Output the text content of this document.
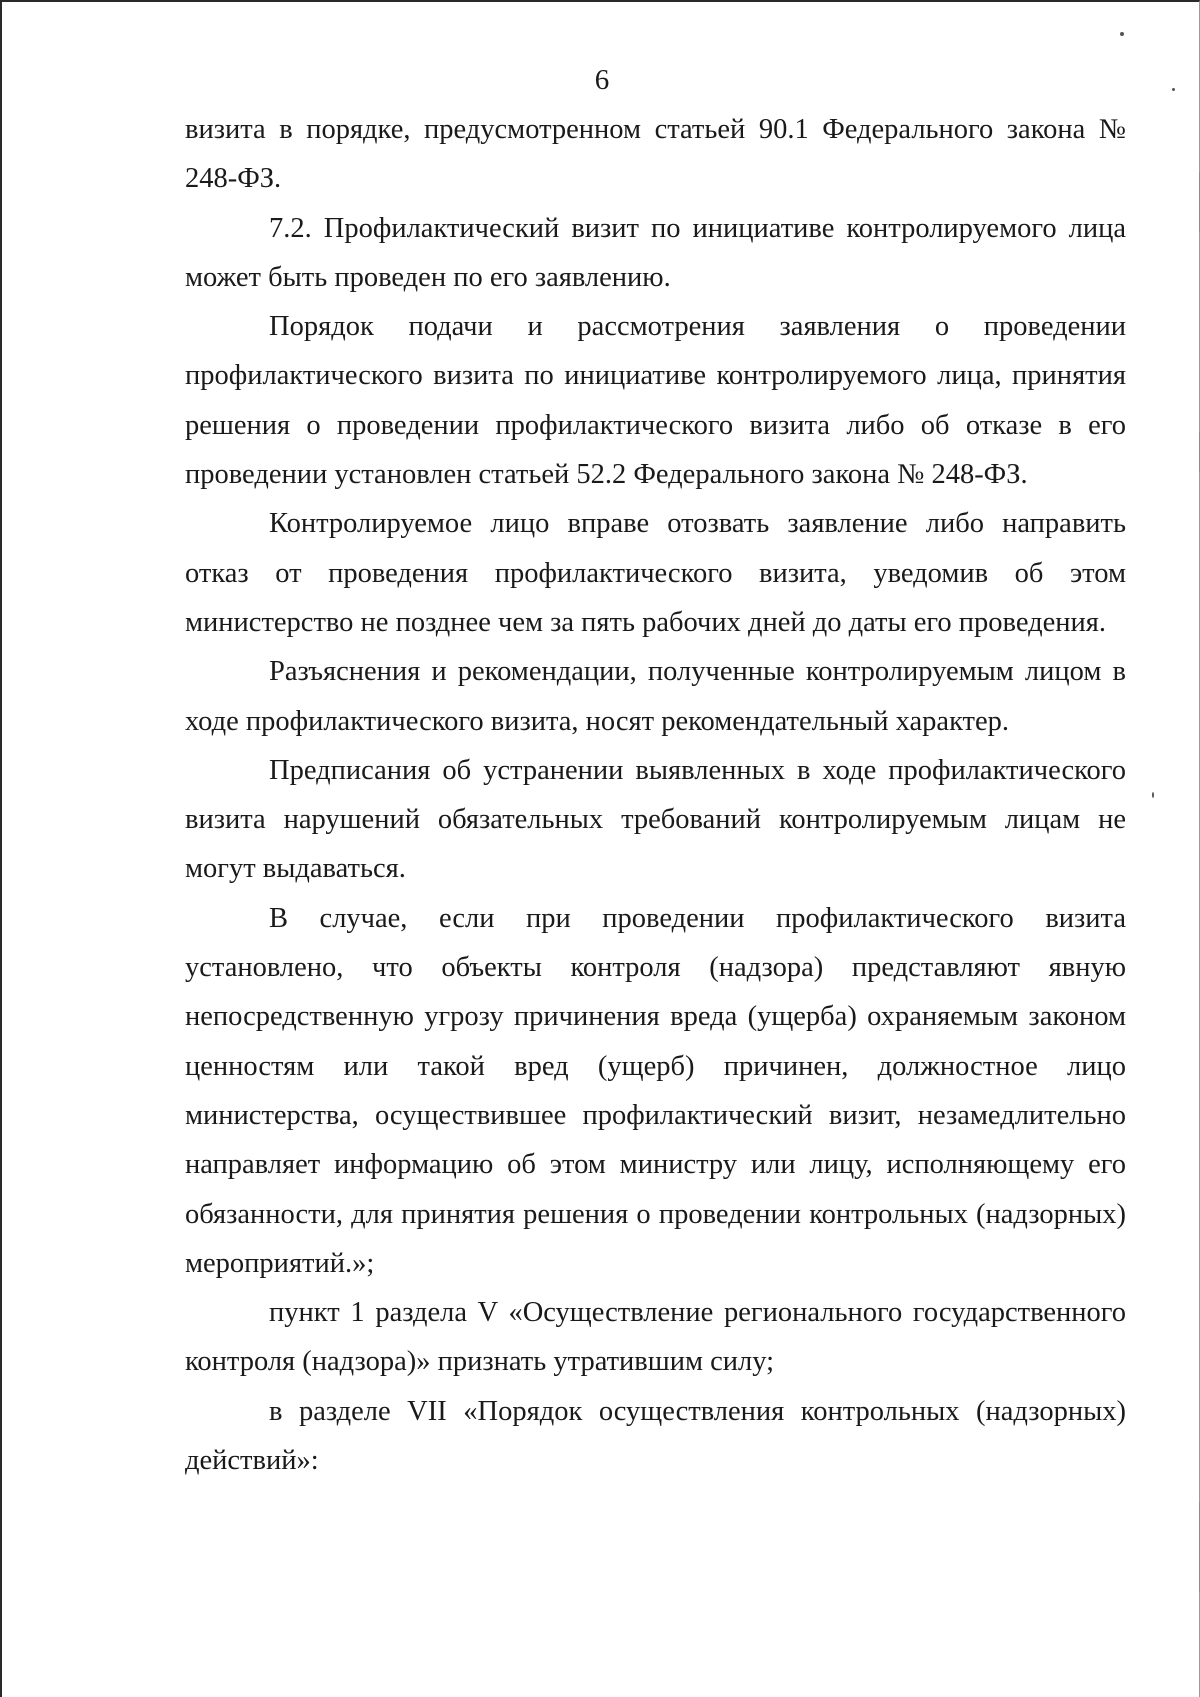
6

визита в порядке, предусмотренном статьей 90.1 Федерального закона № 248-ФЗ.

7.2. Профилактический визит по инициативе контролируемого лица может быть проведен по его заявлению.

Порядок подачи и рассмотрения заявления о проведении профилактического визита по инициативе контролируемого лица, принятия решения о проведении профилактического визита либо об отказе в его проведении установлен статьей 52.2 Федерального закона № 248-ФЗ.

Контролируемое лицо вправе отозвать заявление либо направить отказ от проведения профилактического визита, уведомив об этом министерство не позднее чем за пять рабочих дней до даты его проведения.

Разъяснения и рекомендации, полученные контролируемым лицом в ходе профилактического визита, носят рекомендательный характер.

Предписания об устранении выявленных в ходе профилактического визита нарушений обязательных требований контролируемым лицам не могут выдаваться.

В случае, если при проведении профилактического визита установлено, что объекты контроля (надзора) представляют явную непосредственную угрозу причинения вреда (ущерба) охраняемым законом ценностям или такой вред (ущерб) причинен, должностное лицо министерства, осуществившее профилактический визит, незамедлительно направляет информацию об этом министру или лицу, исполняющему его обязанности, для принятия решения о проведении контрольных (надзорных) мероприятий.»;

пункт 1 раздела V «Осуществление регионального государственного контроля (надзора)» признать утратившим силу;

в разделе VII «Порядок осуществления контрольных (надзорных) действий»:
